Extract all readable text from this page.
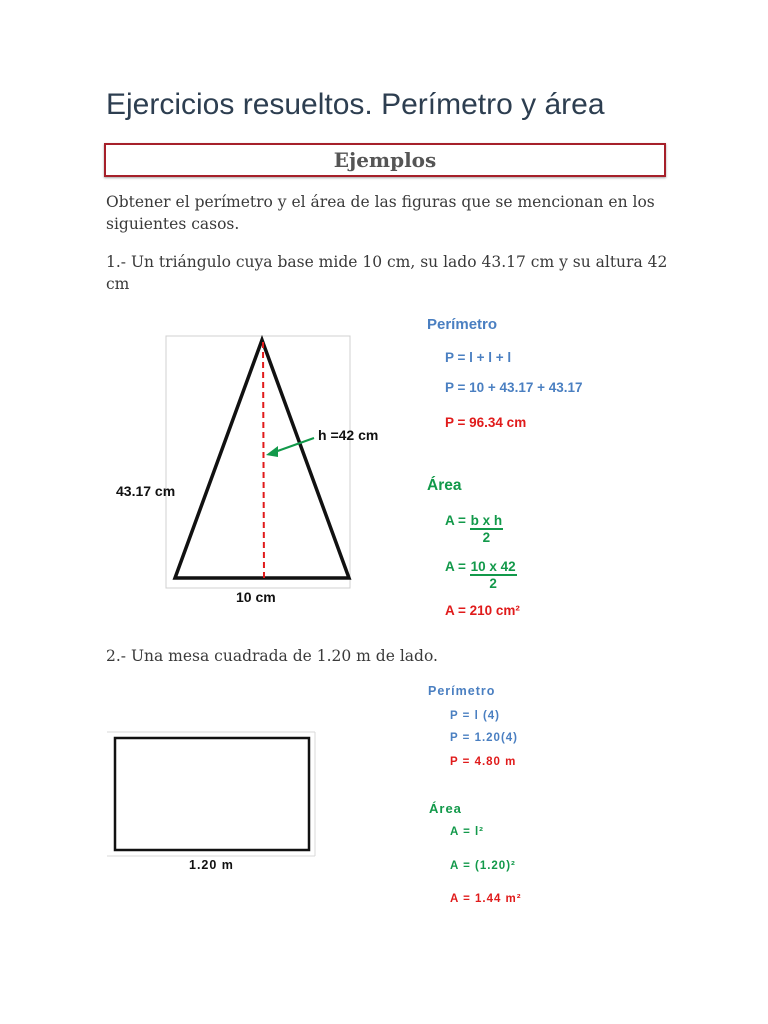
Ejercicios resueltos. Perímetro y área
Ejemplos

Obtener el perímetro y el área de las figuras que se mencionan en los siguientes casos.

1.- Un triángulo cuya base mide 10 cm, su lado 43.17 cm y su altura 42 cm

h =42 cm
43.17 cm
10 cm
Perímetro
P = l + l + l
P = 10 + 43.17 + 43.17
P = 96.34 cm
Área
$A = \frac{\text{b x h}}{2}$
$A = \frac{10 x 42}{2}$
A = 210 cm²

2.- Una mesa cuadrada de 1.20 m de lado.

1.20 m
Perímetro
P = l (4)
P = 1.20(4)
P = 4.80 m
Área
A = l²
A = (1.20)²
A = 1.44 m²
